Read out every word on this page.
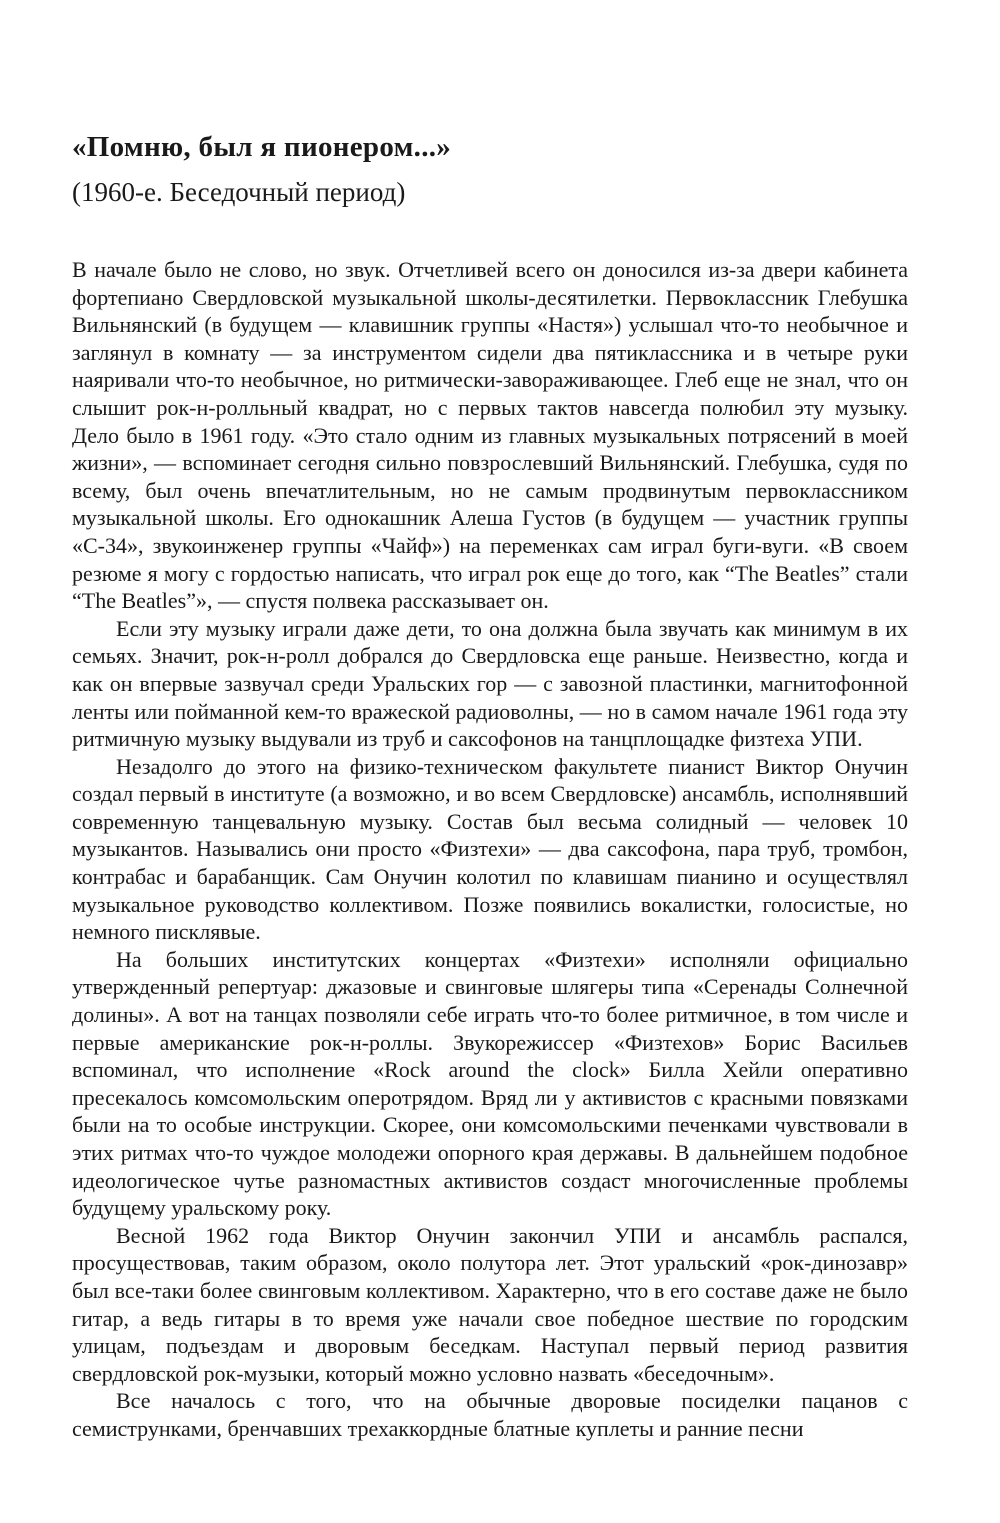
«Помню, был я пионером...»
(1960-е. Беседочный период)

В начале было не слово, но звук. Отчетливей всего он доносился из-за двери кабинета фортепиано Свердловской музыкальной школы-десятилетки. Первоклассник Глебушка Вильнянский (в будущем — клавишник группы «Настя») услышал что-то необычное и заглянул в комнату — за инструментом сидели два пятиклассника и в четыре руки наяривали что-то необычное, но ритмически-завораживающее. Глеб еще не знал, что он слышит рок-н-ролльный квадрат, но с первых тактов навсегда полюбил эту музыку. Дело было в 1961 году. «Это стало одним из главных музыкальных потрясений в моей жизни», — вспоминает сегодня сильно повзрослевший Вильнянский. Глебушка, судя по всему, был очень впечатлительным, но не самым продвинутым первоклассником музыкальной школы. Его однокашник Алеша Густов (в будущем — участник группы «С-34», звукоинженер группы «Чайф») на переменках сам играл буги-вуги. «В своем резюме я могу с гордостью написать, что играл рок еще до того, как “The Beatles” стали “The Beatles”», — спустя полвека рассказывает он.

Если эту музыку играли даже дети, то она должна была звучать как минимум в их семьях. Значит, рок-н-ролл добрался до Свердловска еще раньше. Неизвестно, когда и как он впервые зазвучал среди Уральских гор — с завозной пластинки, магнитофонной ленты или пойманной кем-то вражеской радиоволны, — но в самом начале 1961 года эту ритмичную музыку выдували из труб и саксофонов на танцплощадке физтеха УПИ.

Незадолго до этого на физико-техническом факультете пианист Виктор Онучин создал первый в институте (а возможно, и во всем Свердловске) ансамбль, исполнявший современную танцевальную музыку. Состав был весьма солидный — человек 10 музыкантов. Назывались они просто «Физтехи» — два саксофона, пара труб, тромбон, контрабас и барабанщик. Сам Онучин колотил по клавишам пианино и осуществлял музыкальное руководство коллективом. Позже появились вокалистки, голосистые, но немного писклявые.

На больших институтских концертах «Физтехи» исполняли официально утвержденный репертуар: джазовые и свинговые шлягеры типа «Серенады Солнечной долины». А вот на танцах позволяли себе играть что-то более ритмичное, в том числе и первые американские рок-н-роллы. Звукорежиссер «Физтехов» Борис Васильев вспоминал, что исполнение «Rock around the clock» Билла Хейли оперативно пресекалось комсомольским оперотрядом. Вряд ли у активистов с красными повязками были на то особые инструкции. Скорее, они комсомольскими печенками чувствовали в этих ритмах что-то чуждое молодежи опорного края державы. В дальнейшем подобное идеологическое чутье разномастных активистов создаст многочисленные проблемы будущему уральскому року.

Весной 1962 года Виктор Онучин закончил УПИ и ансамбль распался, просуществовав, таким образом, около полутора лет. Этот уральский «рок-динозавр» был все-таки более свинговым коллективом. Характерно, что в его составе даже не было гитар, а ведь гитары в то время уже начали свое победное шествие по городским улицам, подъездам и дворовым беседкам. Наступал первый период развития свердловской рок-музыки, который можно условно назвать «беседочным».

Все началось с того, что на обычные дворовые посиделки пацанов с семиструнками, бренчавших трехаккордные блатные куплеты и ранние песни
